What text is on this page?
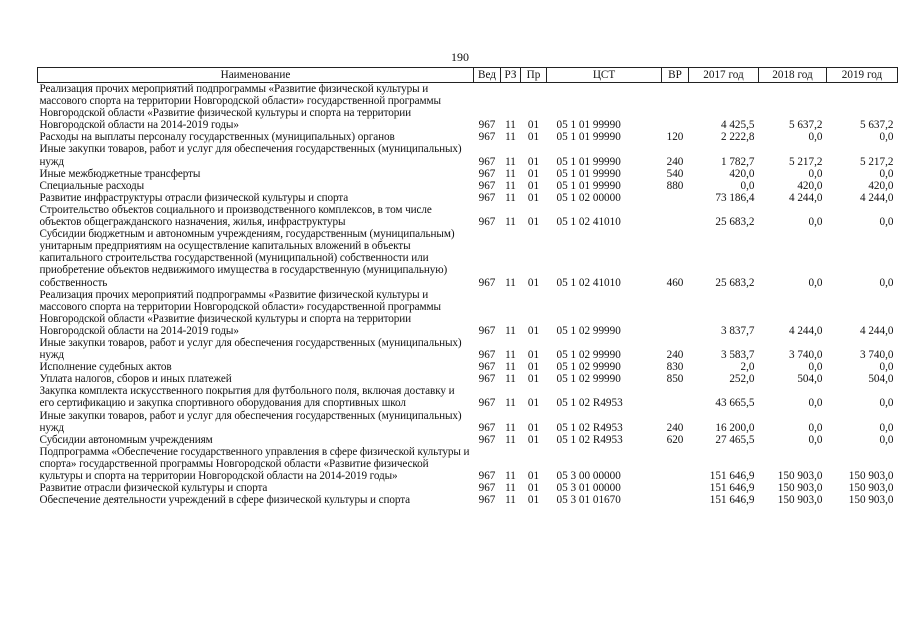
190
Наименование	Вед	РЗ	Пр	ЦСТ	ВР	2017 год	2018 год	2019 год
Реализация прочих мероприятий подпрограммы «Развитие физической культуры и массового спорта на территории Новгородской области» государственной программы Новгородской области «Развитие физической культуры и спорта на территории Новгородской области на 2014-2019 годы»	967	11	01	05 1 01 99990		4 425,5	5 637,2	5 637,2
Расходы на выплаты персоналу государственных (муниципальных) органов	967	11	01	05 1 01 99990	120	2 222,8	0,0	0,0
Иные закупки товаров, работ и услуг для обеспечения государственных (муниципальных) нужд	967	11	01	05 1 01 99990	240	1 782,7	5 217,2	5 217,2
Иные межбюджетные трансферты	967	11	01	05 1 01 99990	540	420,0	0,0	0,0
Специальные расходы	967	11	01	05 1 01 99990	880	0,0	420,0	420,0
Развитие инфраструктуры отрасли физической культуры и спорта	967	11	01	05 1 02 00000		73 186,4	4 244,0	4 244,0
Строительство объектов социального и производственного комплексов, в том числе объектов общегражданского назначения, жилья, инфраструктуры	967	11	01	05 1 02 41010		25 683,2	0,0	0,0
Субсидии бюджетным и автономным учреждениям, государственным (муниципальным) унитарным предприятиям на осуществление капитальных вложений в объекты капитального строительства государственной (муниципальной) собственности или приобретение объектов недвижимого имущества в государственную (муниципальную) собственность	967	11	01	05 1 02 41010	460	25 683,2	0,0	0,0
Реализация прочих мероприятий подпрограммы «Развитие физической культуры и массового спорта на территории Новгородской области» государственной программы Новгородской области «Развитие физической культуры и спорта на территории Новгородской области на 2014-2019 годы»	967	11	01	05 1 02 99990		3 837,7	4 244,0	4 244,0
Иные закупки товаров, работ и услуг для обеспечения государственных (муниципальных) нужд	967	11	01	05 1 02 99990	240	3 583,7	3 740,0	3 740,0
Исполнение судебных актов	967	11	01	05 1 02 99990	830	2,0	0,0	0,0
Уплата налогов, сборов и иных платежей	967	11	01	05 1 02 99990	850	252,0	504,0	504,0
Закупка комплекта искусственного покрытия для футбольного поля, включая доставку и его сертификацию и закупка спортивного оборудования для спортивных школ	967	11	01	05 1 02 R4953		43 665,5	0,0	0,0
Иные закупки товаров, работ и услуг для обеспечения государственных (муниципальных) нужд	967	11	01	05 1 02 R4953	240	16 200,0	0,0	0,0
Субсидии автономным учреждениям	967	11	01	05 1 02 R4953	620	27 465,5	0,0	0,0
Подпрограмма «Обеспечение государственного управления в сфере физической культуры и спорта» государственной программы Новгородской области «Развитие физической культуры и спорта на территории Новгородской области на 2014-2019 годы»	967	11	01	05 3 00 00000		151 646,9	150 903,0	150 903,0
Развитие отрасли физической культуры и спорта	967	11	01	05 3 01 00000		151 646,9	150 903,0	150 903,0
Обеспечение деятельности учреждений в сфере физической культуры и спорта	967	11	01	05 3 01 01670		151 646,9	150 903,0	150 903,0
